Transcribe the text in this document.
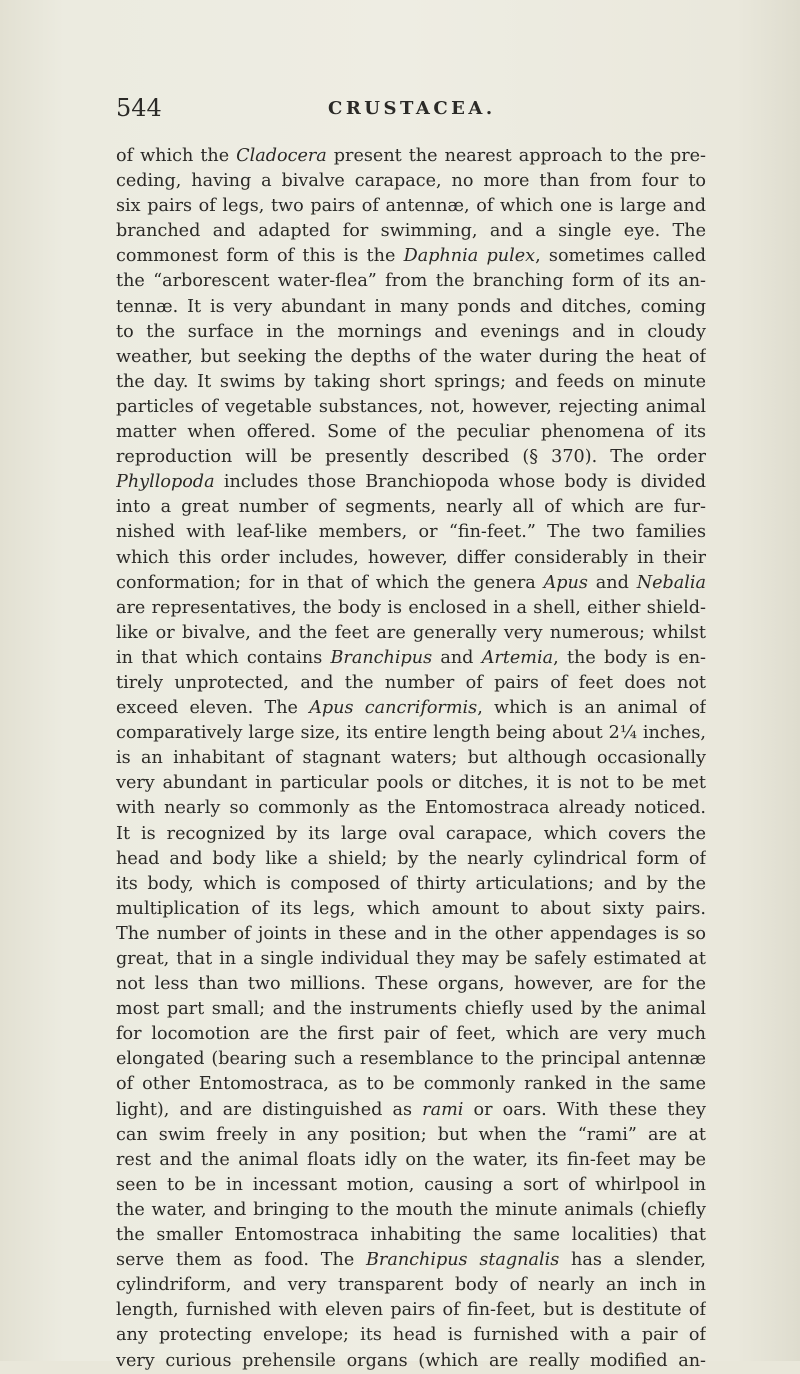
544	CRUSTACEA.
of which the Cladocera present the nearest approach to the pre-
ceding, having a bivalve carapace, no more than from four to
six pairs of legs, two pairs of antennæ, of which one is large and
branched and adapted for swimming, and a single eye. The
commonest form of this is the Daphnia pulex, sometimes called
the “arborescent water-flea” from the branching form of its an-
tennæ. It is very abundant in many ponds and ditches, coming
to the surface in the mornings and evenings and in cloudy
weather, but seeking the depths of the water during the heat of
the day. It swims by taking short springs; and feeds on minute
particles of vegetable substances, not, however, rejecting animal
matter when offered. Some of the peculiar phenomena of its
reproduction will be presently described (§ 370). The order
Phyllopoda includes those Branchiopoda whose body is divided
into a great number of segments, nearly all of which are fur-
nished with leaf-like members, or “fin-feet.” The two families
which this order includes, however, differ considerably in their
conformation; for in that of which the genera Apus and Nebalia
are representatives, the body is enclosed in a shell, either shield-
like or bivalve, and the feet are generally very numerous; whilst
in that which contains Branchipus and Artemia, the body is en-
tirely unprotected, and the number of pairs of feet does not
exceed eleven. The Apus cancriformis, which is an animal of
comparatively large size, its entire length being about 2¼ inches,
is an inhabitant of stagnant waters; but although occasionally
very abundant in particular pools or ditches, it is not to be met
with nearly so commonly as the Entomostraca already noticed.
It is recognized by its large oval carapace, which covers the
head and body like a shield; by the nearly cylindrical form of
its body, which is composed of thirty articulations; and by the
multiplication of its legs, which amount to about sixty pairs.
The number of joints in these and in the other appendages is so
great, that in a single individual they may be safely estimated at
not less than two millions. These organs, however, are for the
most part small; and the instruments chiefly used by the animal
for locomotion are the first pair of feet, which are very much
elongated (bearing such a resemblance to the principal antennæ
of other Entomostraca, as to be commonly ranked in the same
light), and are distinguished as rami or oars. With these they
can swim freely in any position; but when the “rami” are at
rest and the animal floats idly on the water, its fin-feet may be
seen to be in incessant motion, causing a sort of whirlpool in
the water, and bringing to the mouth the minute animals (chiefly
the smaller Entomostraca inhabiting the same localities) that
serve them as food. The Branchipus stagnalis has a slender,
cylindriform, and very transparent body of nearly an inch in
length, furnished with eleven pairs of fin-feet, but is destitute of
any protecting envelope; its head is furnished with a pair of
very curious prehensile organs (which are really modified an-
